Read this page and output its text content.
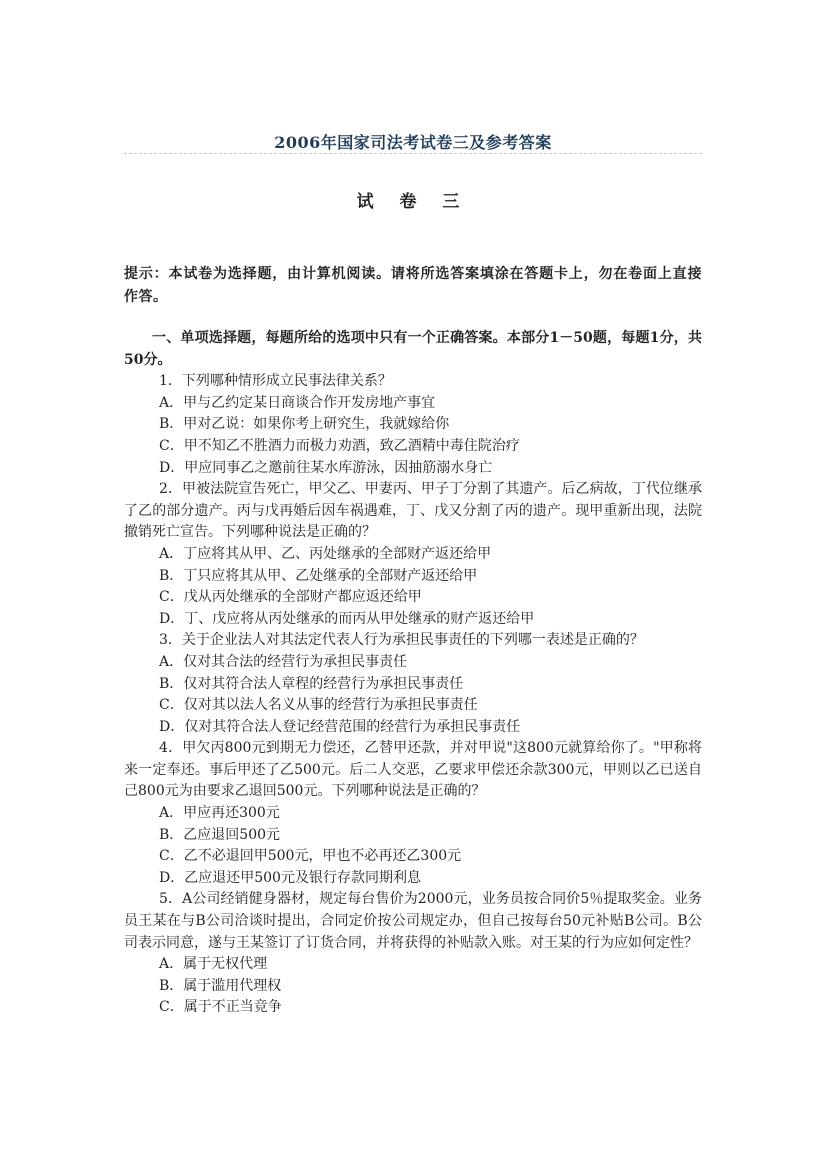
2006年国家司法考试卷三及参考答案
试 卷 三
提示：本试卷为选择题，由计算机阅读。请将所选答案填涂在答题卡上，勿在卷面上直接作答。

一、单项选择题，每题所给的选项中只有一个正确答案。本部分1－50题，每题1分，共50分。

1．下列哪种情形成立民事法律关系？

A．甲与乙约定某日商谈合作开发房地产事宜

B．甲对乙说：如果你考上研究生，我就嫁给你

C．甲不知乙不胜酒力而极力劝酒，致乙酒精中毒住院治疗

D．甲应同事乙之邀前往某水库游泳，因抽筋溺水身亡

2．甲被法院宣告死亡，甲父乙、甲妻丙、甲子丁分割了其遗产。后乙病故，丁代位继承了乙的部分遗产。丙与戊再婚后因车祸遇难，丁、戊又分割了丙的遗产。现甲重新出现，法院撤销死亡宣告。下列哪种说法是正确的？

A．丁应将其从甲、乙、丙处继承的全部财产返还给甲

B．丁只应将其从甲、乙处继承的全部财产返还给甲

C．戊从丙处继承的全部财产都应返还给甲

D．丁、戊应将从丙处继承的而丙从甲处继承的财产返还给甲

3．关于企业法人对其法定代表人行为承担民事责任的下列哪一表述是正确的？

A．仅对其合法的经营行为承担民事责任

B．仅对其符合法人章程的经营行为承担民事责任

C．仅对其以法人名义从事的经营行为承担民事责任

D．仅对其符合法人登记经营范围的经营行为承担民事责任

4．甲欠丙800元到期无力偿还，乙替甲还款，并对甲说"这800元就算给你了。"甲称将来一定奉还。事后甲还了乙500元。后二人交恶，乙要求甲偿还余款300元，甲则以乙已送自己800元为由要求乙退回500元。下列哪种说法是正确的？

A．甲应再还300元

B．乙应退回500元

C．乙不必退回甲500元，甲也不必再还乙300元

D．乙应退还甲500元及银行存款同期利息

5．A公司经销健身器材，规定每台售价为2000元，业务员按合同价5％提取奖金。业务员王某在与B公司洽谈时提出，合同定价按公司规定办，但自己按每台50元补贴B公司。B公司表示同意，遂与王某签订了订货合同，并将获得的补贴款入账。对王某的行为应如何定性？

A．属于无权代理

B．属于滥用代理权

C．属于不正当竞争
